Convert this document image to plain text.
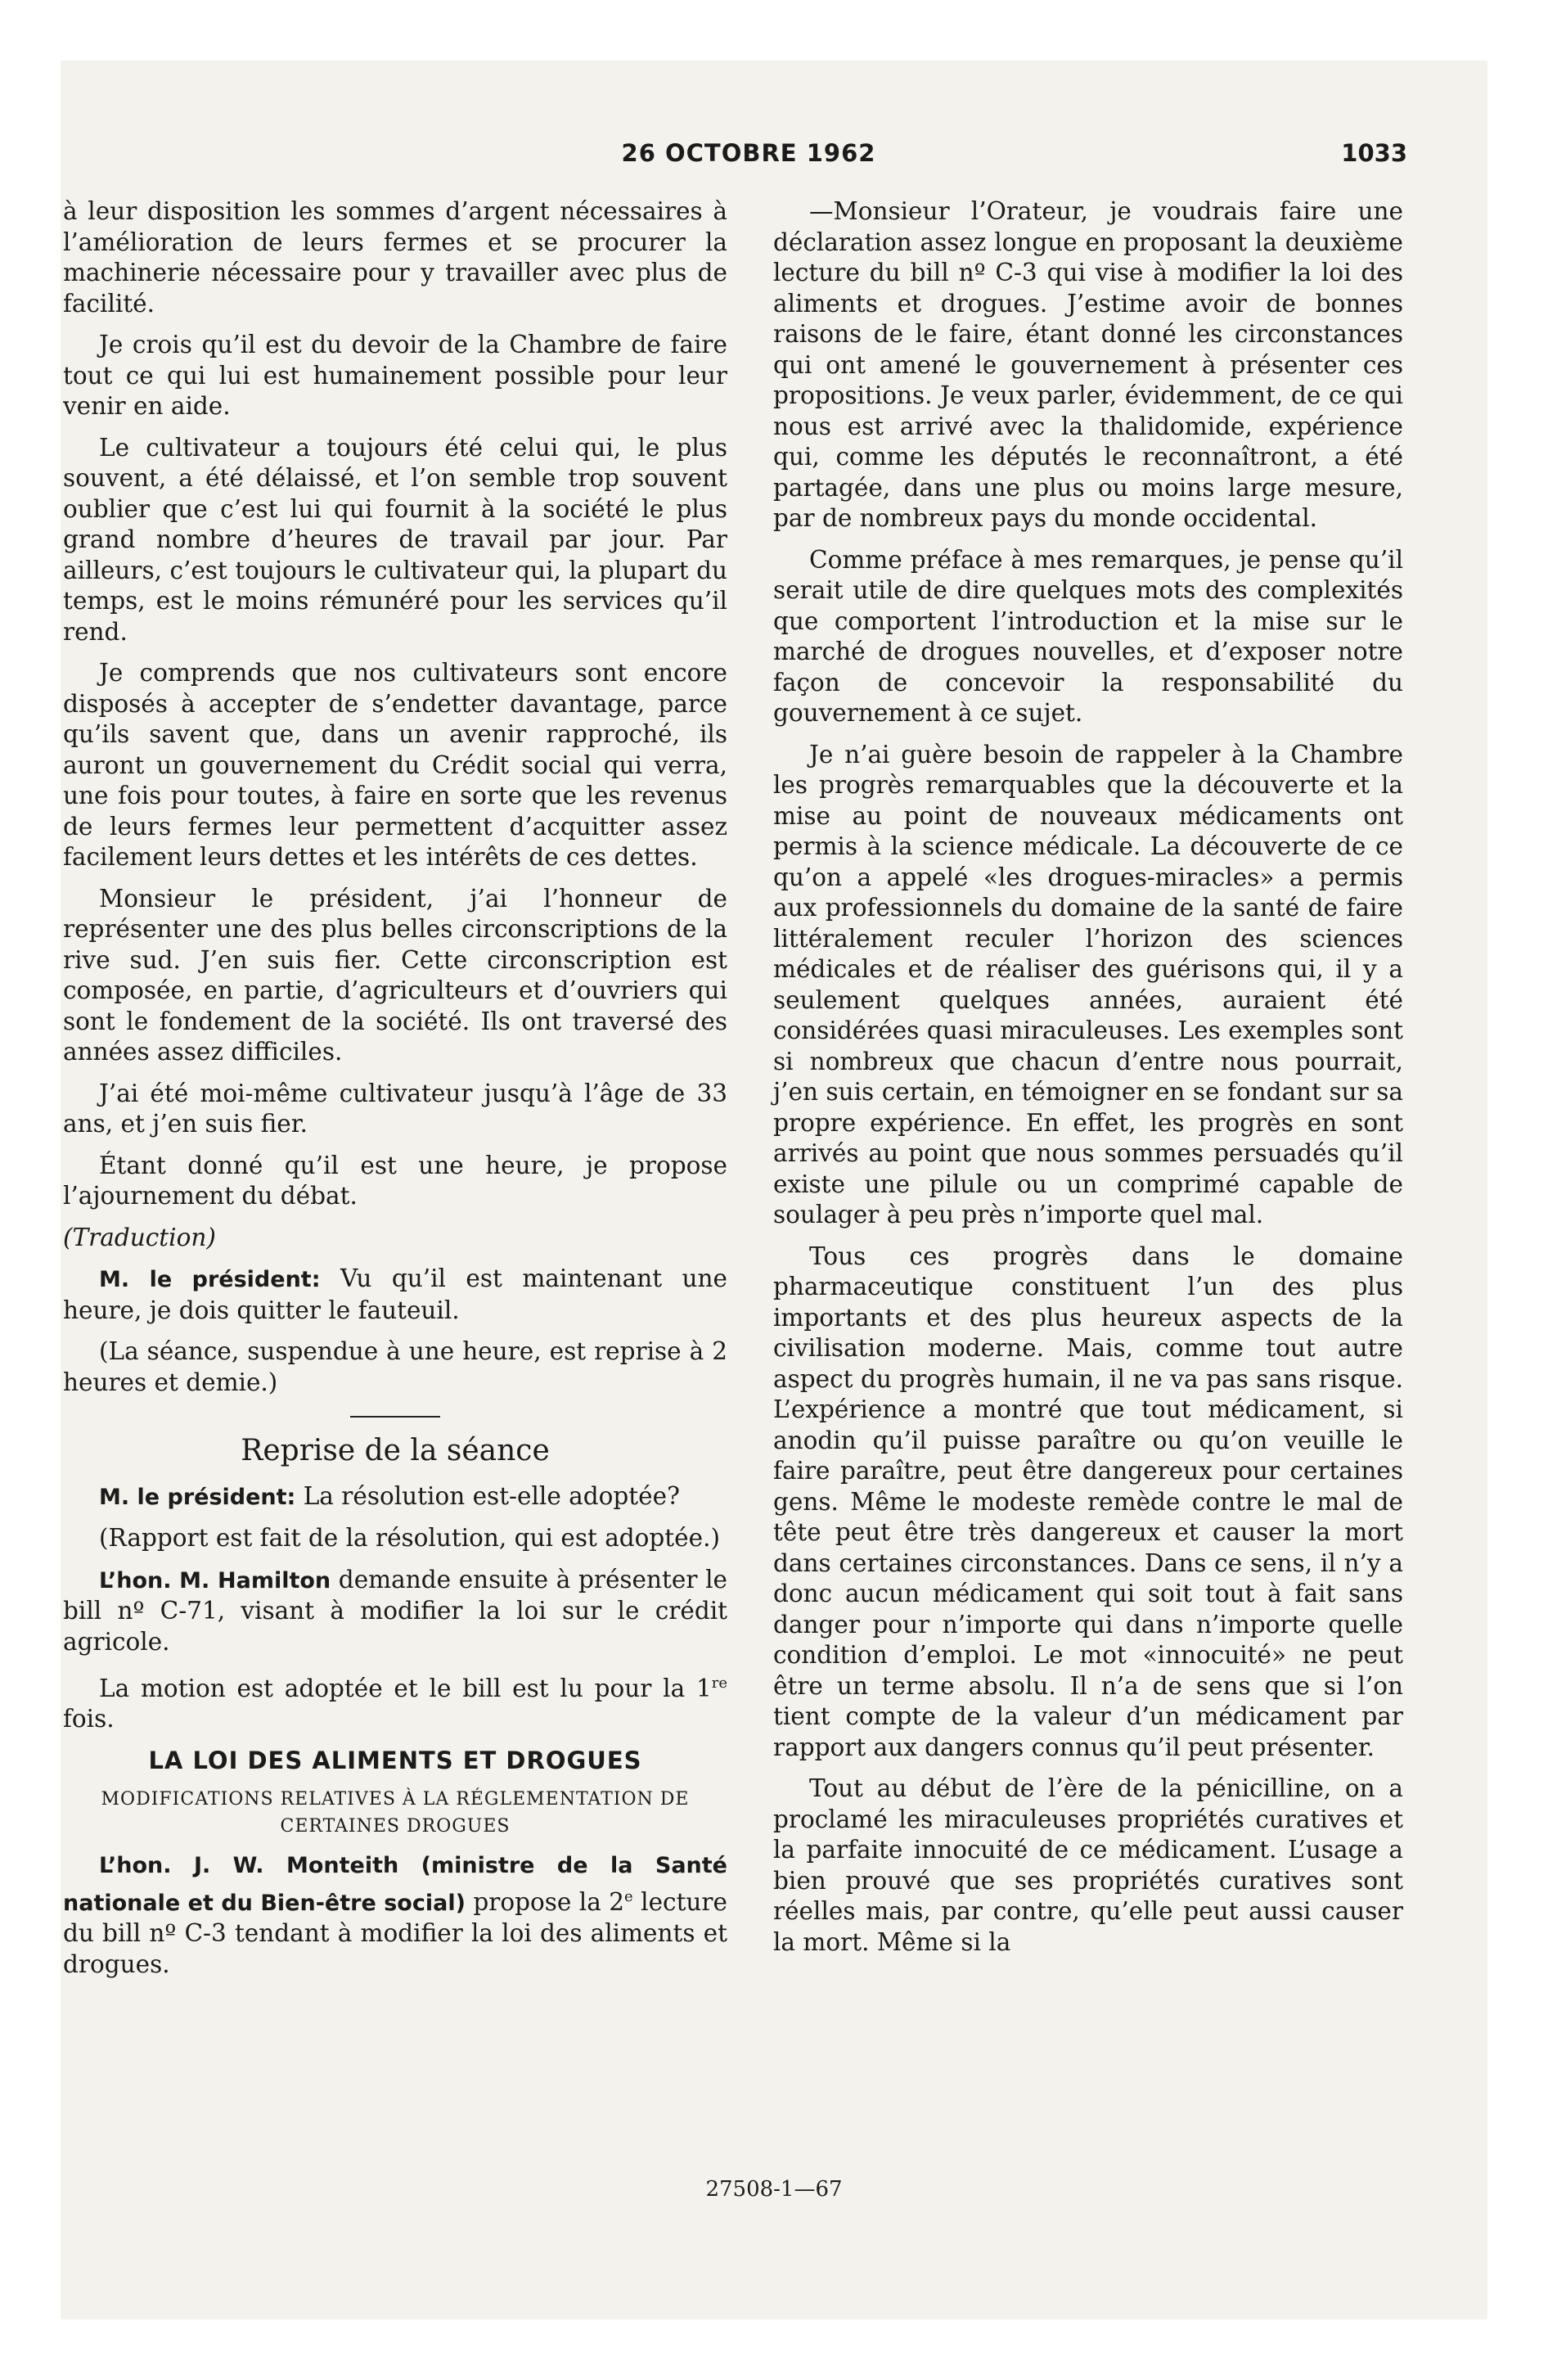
26 OCTOBRE 1962	1033

à leur disposition les sommes d’argent nécessaires à l’amélioration de leurs fermes et se procurer la machinerie nécessaire pour y travailler avec plus de facilité.

Je crois qu’il est du devoir de la Chambre de faire tout ce qui lui est humainement possible pour leur venir en aide.

Le cultivateur a toujours été celui qui, le plus souvent, a été délaissé, et l’on semble trop souvent oublier que c’est lui qui fournit à la société le plus grand nombre d’heures de travail par jour. Par ailleurs, c’est toujours le cultivateur qui, la plupart du temps, est le moins rémunéré pour les services qu’il rend.

Je comprends que nos cultivateurs sont encore disposés à accepter de s’endetter davantage, parce qu’ils savent que, dans un avenir rapproché, ils auront un gouvernement du Crédit social qui verra, une fois pour toutes, à faire en sorte que les revenus de leurs fermes leur permettent d’acquitter assez facilement leurs dettes et les intérêts de ces dettes.

Monsieur le président, j’ai l’honneur de représenter une des plus belles circonscriptions de la rive sud. J’en suis fier. Cette circonscription est composée, en partie, d’agriculteurs et d’ouvriers qui sont le fondement de la société. Ils ont traversé des années assez difficiles.

J’ai été moi-même cultivateur jusqu’à l’âge de 33 ans, et j’en suis fier.

Étant donné qu’il est une heure, je propose l’ajournement du débat.

(Traduction)

M. le président: Vu qu’il est maintenant une heure, je dois quitter le fauteuil.

(La séance, suspendue à une heure, est reprise à 2 heures et demie.)

Reprise de la séance

M. le président: La résolution est-elle adoptée?

(Rapport est fait de la résolution, qui est adoptée.)

L’hon. M. Hamilton demande ensuite à présenter le bill nº C-71, visant à modifier la loi sur le crédit agricole.

La motion est adoptée et le bill est lu pour la 1re fois.

LA LOI DES ALIMENTS ET DROGUES
MODIFICATIONS RELATIVES À LA RÉGLEMENTATION DE CERTAINES DROGUES

L’hon. J. W. Monteith (ministre de la Santé nationale et du Bien-être social) propose la 2e lecture du bill nº C-3 tendant à modifier la loi des aliments et drogues.

—Monsieur l’Orateur, je voudrais faire une déclaration assez longue en proposant la deuxième lecture du bill nº C-3 qui vise à modifier la loi des aliments et drogues. J’estime avoir de bonnes raisons de le faire, étant donné les circonstances qui ont amené le gouvernement à présenter ces propositions. Je veux parler, évidemment, de ce qui nous est arrivé avec la thalidomide, expérience qui, comme les députés le reconnaîtront, a été partagée, dans une plus ou moins large mesure, par de nombreux pays du monde occidental.

Comme préface à mes remarques, je pense qu’il serait utile de dire quelques mots des complexités que comportent l’introduction et la mise sur le marché de drogues nouvelles, et d’exposer notre façon de concevoir la responsabilité du gouvernement à ce sujet.

Je n’ai guère besoin de rappeler à la Chambre les progrès remarquables que la découverte et la mise au point de nouveaux médicaments ont permis à la science médicale. La découverte de ce qu’on a appelé «les drogues-miracles» a permis aux professionnels du domaine de la santé de faire littéralement reculer l’horizon des sciences médicales et de réaliser des guérisons qui, il y a seulement quelques années, auraient été considérées quasi miraculeuses. Les exemples sont si nombreux que chacun d’entre nous pourrait, j’en suis certain, en témoigner en se fondant sur sa propre expérience. En effet, les progrès en sont arrivés au point que nous sommes persuadés qu’il existe une pilule ou un comprimé capable de soulager à peu près n’importe quel mal.

Tous ces progrès dans le domaine pharmaceutique constituent l’un des plus importants et des plus heureux aspects de la civilisation moderne. Mais, comme tout autre aspect du progrès humain, il ne va pas sans risque. L’expérience a montré que tout médicament, si anodin qu’il puisse paraître ou qu’on veuille le faire paraître, peut être dangereux pour certaines gens. Même le modeste remède contre le mal de tête peut être très dangereux et causer la mort dans certaines circonstances. Dans ce sens, il n’y a donc aucun médicament qui soit tout à fait sans danger pour n’importe qui dans n’importe quelle condition d’emploi. Le mot «innocuité» ne peut être un terme absolu. Il n’a de sens que si l’on tient compte de la valeur d’un médicament par rapport aux dangers connus qu’il peut présenter.

Tout au début de l’ère de la pénicilline, on a proclamé les miraculeuses propriétés curatives et la parfaite innocuité de ce médicament. L’usage a bien prouvé que ses propriétés curatives sont réelles mais, par contre, qu’elle peut aussi causer la mort. Même si la

27508-1—67
